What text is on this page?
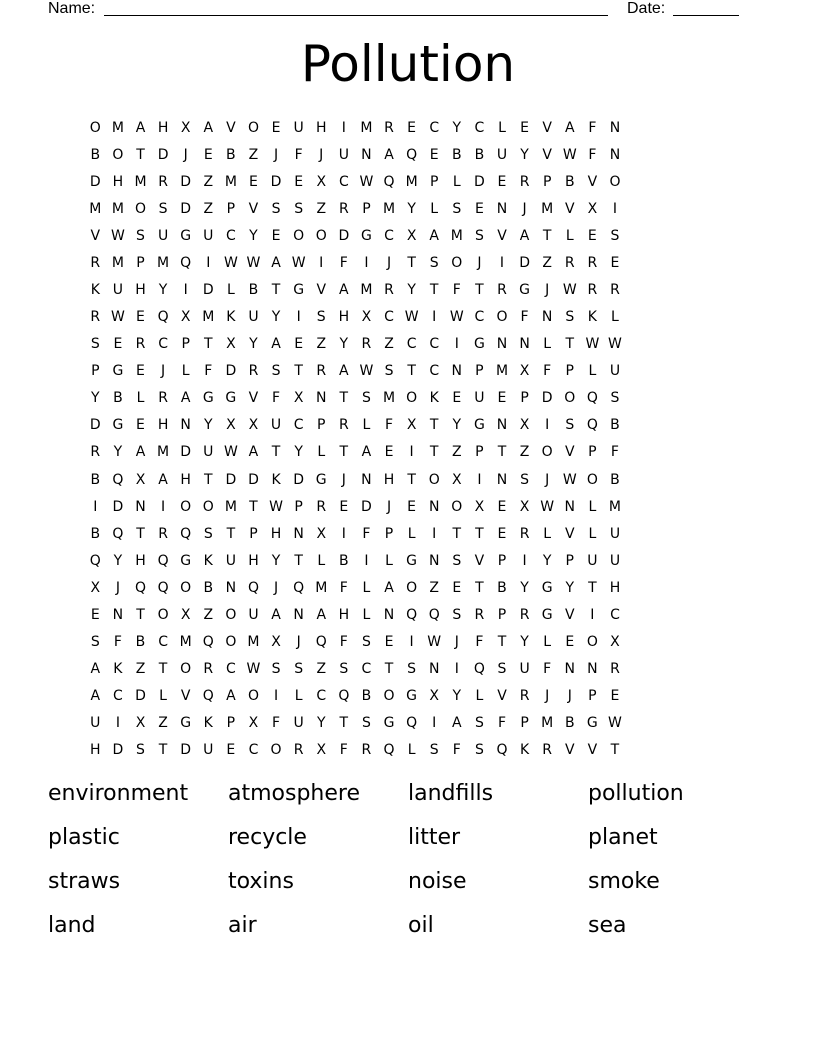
Name:	Date:
Pollution
O M A H X A V O E U H	I	M R E C Y C L	E V A F N
B O T D	J	E B Z	J	F	J	U N A Q E B B U Y V W F N
D H M R D Z M E D E X C W Q M P	L D E R P B V O
M M O S D Z P V S S Z R P M Y	L	S E N	J	M V X	I
V W S U G U C Y E O O D G C X A M S V A T	L	E S
R M P M Q	I W W A W I	F	I	J	T S O	J	I	D Z R R E
K U H Y	I	D L B T G V A M R Y	T	F	T R G	J W R R
R W E Q X M K U Y	I	S H X C W I W C O F N S K	L
S E R C P	T X Y A E Z Y R Z C C	I	G N N L	T W W
P G E	J	L	F D R S T R A W S T C N P M X F	P	L U
Y B L R A G G V F X N T S M O K E U E P D O Q S
D G E H N Y X X U C P R L	F X T	Y G N X	I	S Q B
R Y A M D U W A T	Y	L	T A E	I	T Z P	T Z O V P	F
B Q X A H T D D K D G	J	N H T O X	I	N S	J W O B
I	D N	I	O O M T W P R E D	J	E N O X E X W N L M
B Q T R Q S T	P H N X	I	F	P	L	I	T	T E R L V L U
Q Y H Q G K U H Y	T	L B	I	L G N S V P	I	Y	P U U
X	J	Q Q O B N Q	J	Q M F	L A O Z E T B Y G Y	T H
E N T O X Z O U A N A H L N Q Q S R P R G V	I	C
S	F B C M Q O M X	J	Q F	S E	I W J	F	T	Y	L	E O X
A K Z T O R C W S S Z S C T S N	I	Q S U F N N R
A C D L V Q A O	I	L C Q B O G X Y	L V R	J	J	P E
U	I	X Z G K P X F U Y	T S G Q	I	A S	F	P M B G W
H D S T D U E C O R X F R Q L	S	F	S Q K R V V T
environment	atmosphere	landfills	pollution
plastic	recycle	litter	planet
straws	toxins	noise	smoke
land	air	oil	sea
